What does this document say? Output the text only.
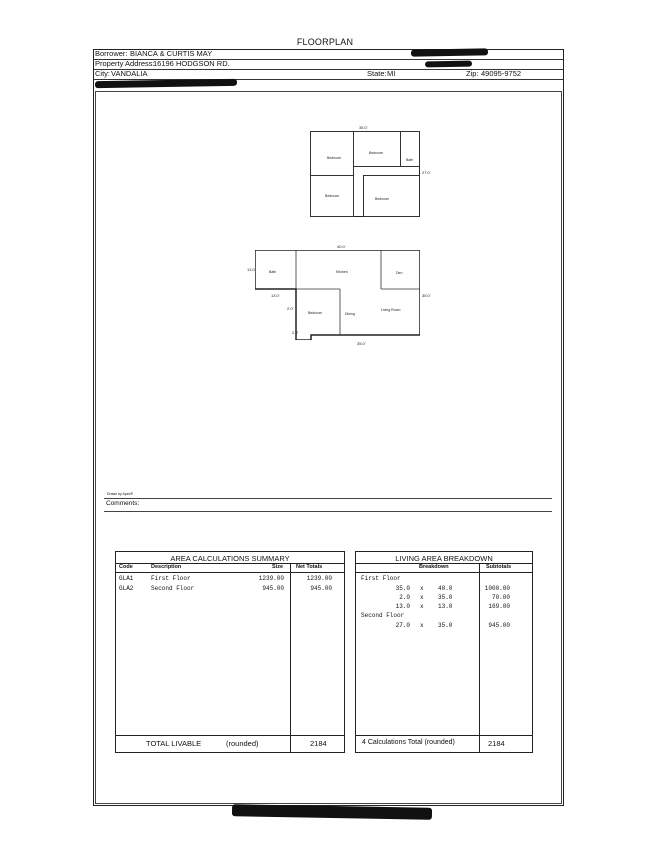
FLOORPLAN
Borrower: BIANCA & CURTIS MAY
Property Address:
16196 HODGSON RD.
City: VANDALIA	State: MI	Zip: 49095-9752
Bedroom
Bedroom
Bath
Bedroom
Bedroom
35.0'
27.0'
Bath	Kitchen	Den
Bedroom	Dining
Living Room
40.0'
13.0'
35.0'
13.0'
2.0'
2.0'
35.0'
Drawn by Apex®
Comments:
AREA CALCULATIONS SUMMARY
Code	Description	Size Net Totals
GLA1	First Floor	1239.00	1239.00
GLA2	Second Floor	945.00	945.00
TOTAL LIVABLE	(rounded)	2184
LIVING AREA BREAKDOWN
Breakdown	Subtotals
First Floor
35.0 x 40.0	1000.00
2.0 x 35.0	70.00
13.0 x 13.0	169.00
Second Floor
27.0 x 35.0	945.00
4 Calculations Total (rounded)	2184
